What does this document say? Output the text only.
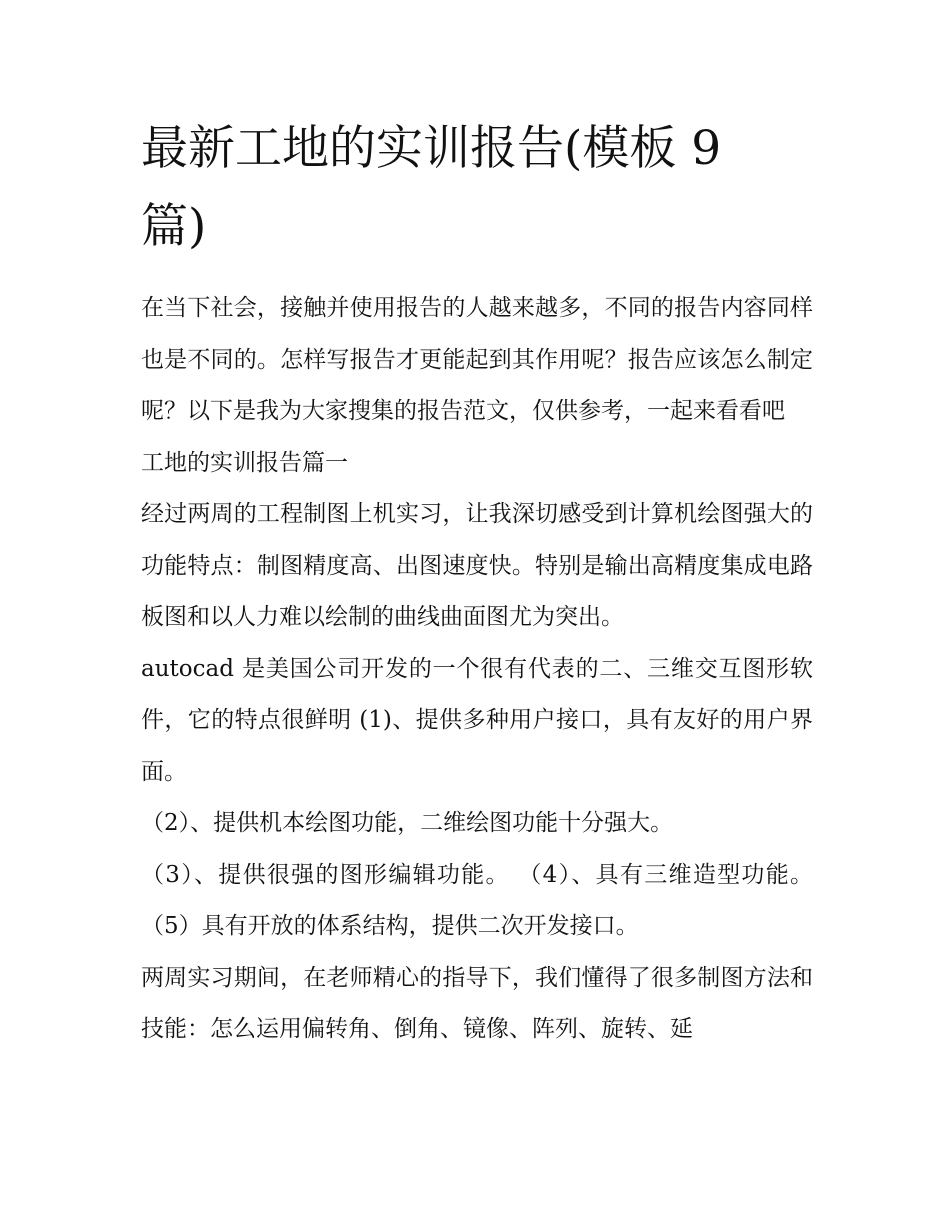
最新工地的实训报告(模板 9 篇)

在当下社会，接触并使用报告的人越来越多，不同的报告内容同样也是不同的。怎样写报告才更能起到其作用呢？报告应该怎么制定呢？以下是我为大家搜集的报告范文，仅供参考，一起来看看吧

工地的实训报告篇一

经过两周的工程制图上机实习，让我深切感受到计算机绘图强大的功能特点：制图精度高、出图速度快。特别是输出高精度集成电路板图和以人力难以绘制的曲线曲面图尤为突出。

autocad 是美国公司开发的一个很有代表的二、三维交互图形软件，它的特点很鲜明 (1)、提供多种用户接口，具有友好的用户界面。

（2）、提供机本绘图功能，二维绘图功能十分强大。

（3）、提供很强的图形编辑功能。 （4）、具有三维造型功能。 （5）具有开放的体系结构，提供二次开发接口。

两周实习期间，在老师精心的指导下，我们懂得了很多制图方法和技能：怎么运用偏转角、倒角、镜像、阵列、旋转、延
